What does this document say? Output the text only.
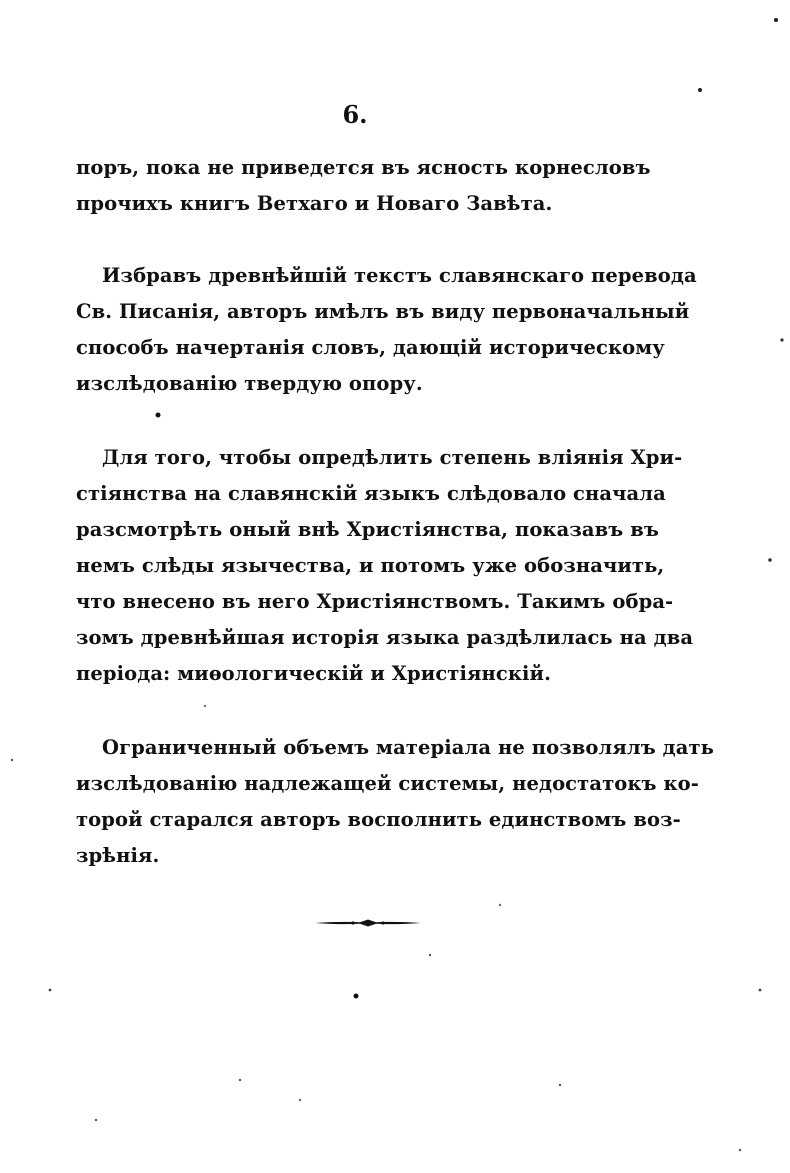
6.
поръ, пока не приведется въ ясность корнесловъ
прочихъ книгъ Ветхаго и Новаго Завѣта.
Избравъ древнѣйшiй текстъ славянскаго перевода
Св. Писанiя, авторъ имѣлъ въ виду первоначальный
способъ начертанiя словъ, дающiй историческому
изслѣдованiю твердую опору.
Для того, чтобы опредѣлить степень влiянiя Хри-
стiянства на славянскiй языкъ слѣдовало сначала
разсмотрѣть оный внѣ Христiянства, показавъ въ
немъ слѣды язычества, и потомъ уже обозначить,
что внесено въ него Христiянствомъ. Такимъ обра-
зомъ древнѣйшая исторiя языка раздѣлилась на два
перiода: миѳологическiй и Христiянскiй.
Ограниченный объемъ матерiала не позволялъ дать
изслѣдованiю надлежащей системы, недостатокъ ко-
торой старался авторъ восполнить единствомъ воз-
зрѣнiя.
